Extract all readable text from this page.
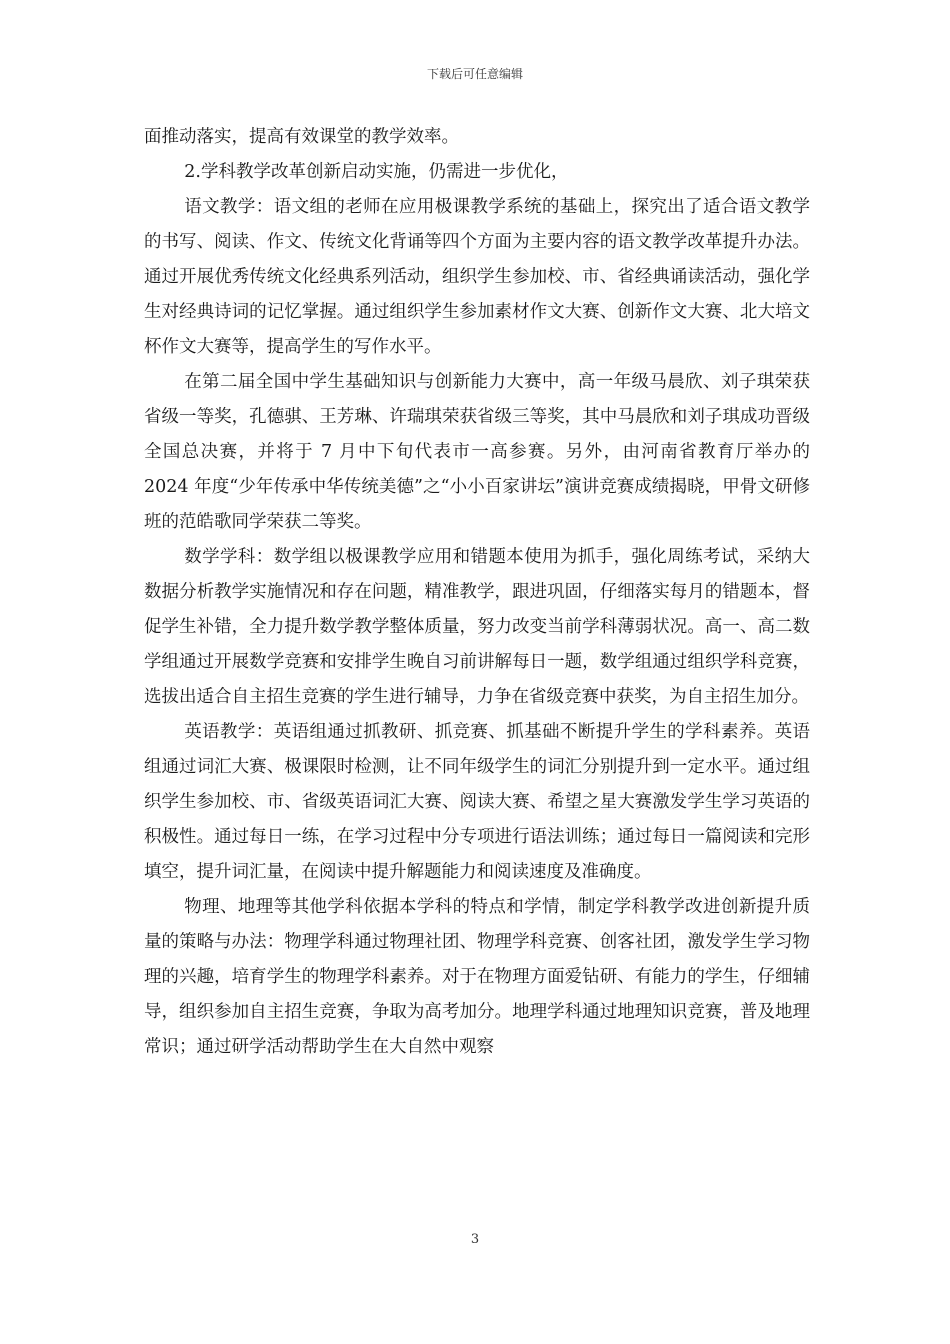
下载后可任意编辑

面推动落实，提高有效课堂的教学效率。

2.学科教学改革创新启动实施，仍需进一步优化，

语文教学：语文组的老师在应用极课教学系统的基础上，探究出了适合语文教学的书写、阅读、作文、传统文化背诵等四个方面为主要内容的语文教学改革提升办法。通过开展优秀传统文化经典系列活动，组织学生参加校、市、省经典诵读活动，强化学生对经典诗词的记忆掌握。通过组织学生参加素材作文大赛、创新作文大赛、北大培文杯作文大赛等，提高学生的写作水平。

在第二届全国中学生基础知识与创新能力大赛中，高一年级马晨欣、刘子琪荣获省级一等奖，孔德骐、王芳琳、许瑞琪荣获省级三等奖，其中马晨欣和刘子琪成功晋级全国总决赛，并将于 7 月中下旬代表市一高参赛。另外，由河南省教育厅举办的 2024 年度“少年传承中华传统美德”之“小小百家讲坛”演讲竞赛成绩揭晓，甲骨文研修班的范皓歌同学荣获二等奖。

数学学科：数学组以极课教学应用和错题本使用为抓手，强化周练考试，采纳大数据分析教学实施情况和存在问题，精准教学，跟进巩固，仔细落实每月的错题本，督促学生补错，全力提升数学教学整体质量，努力改变当前学科薄弱状况。高一、高二数学组通过开展数学竞赛和安排学生晚自习前讲解每日一题，数学组通过组织学科竞赛，选拔出适合自主招生竞赛的学生进行辅导，力争在省级竞赛中获奖，为自主招生加分。

英语教学：英语组通过抓教研、抓竞赛、抓基础不断提升学生的学科素养。英语组通过词汇大赛、极课限时检测，让不同年级学生的词汇分别提升到一定水平。通过组织学生参加校、市、省级英语词汇大赛、阅读大赛、希望之星大赛激发学生学习英语的积极性。通过每日一练，在学习过程中分专项进行语法训练；通过每日一篇阅读和完形填空，提升词汇量，在阅读中提升解题能力和阅读速度及准确度。

物理、地理等其他学科依据本学科的特点和学情，制定学科教学改进创新提升质量的策略与办法：物理学科通过物理社团、物理学科竞赛、创客社团，激发学生学习物理的兴趣，培育学生的物理学科素养。对于在物理方面爱钻研、有能力的学生，仔细辅导，组织参加自主招生竞赛，争取为高考加分。地理学科通过地理知识竞赛，普及地理常识；通过研学活动帮助学生在大自然中观察

3
